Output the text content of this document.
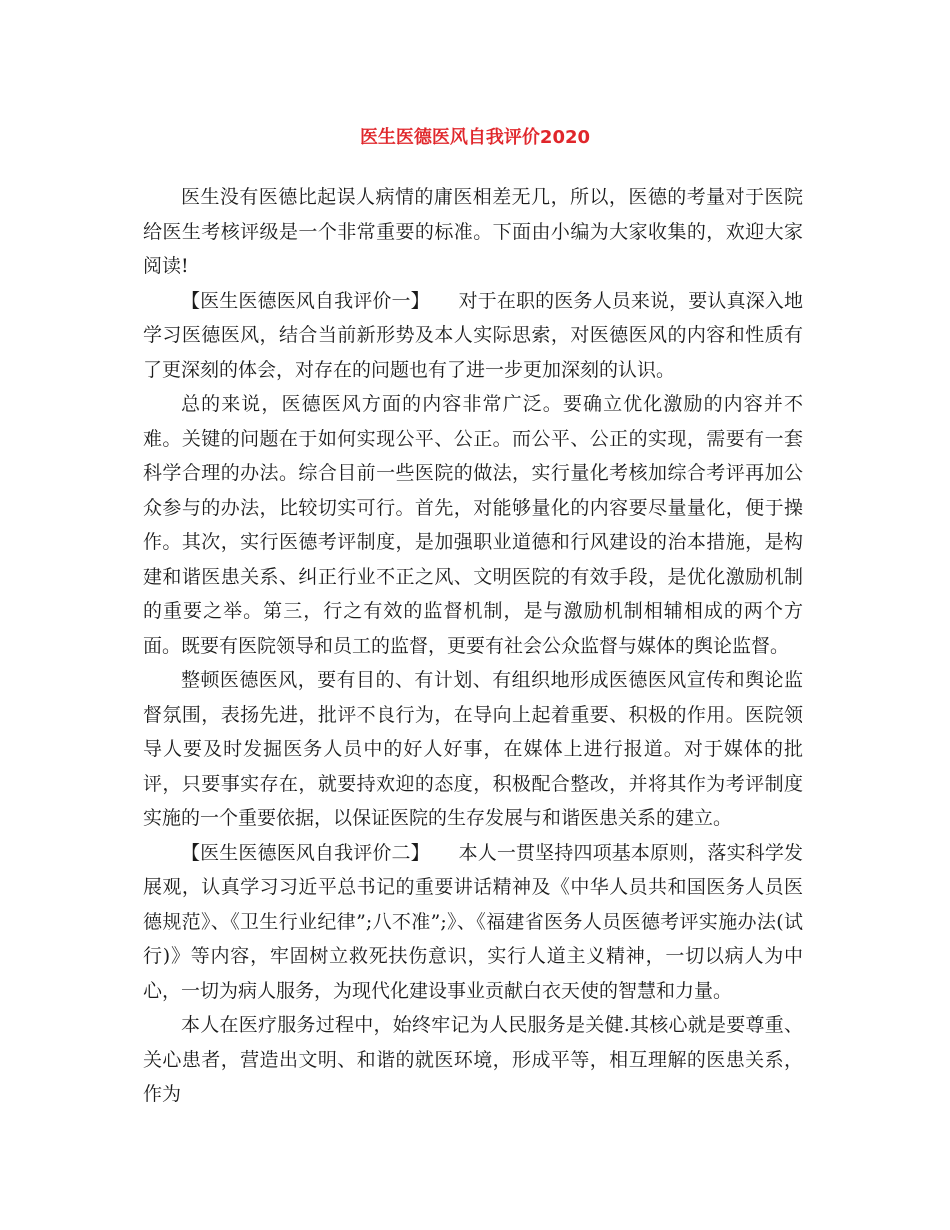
医生医德医风自我评价2020

医生没有医德比起误人病情的庸医相差无几，所以，医德的考量对于医院给医生考核评级是一个非常重要的标准。下面由小编为大家收集的，欢迎大家阅读!

【医生医德医风自我评价一】　　对于在职的医务人员来说，要认真深入地学习医德医风，结合当前新形势及本人实际思索，对医德医风的内容和性质有了更深刻的体会，对存在的问题也有了进一步更加深刻的认识。

总的来说，医德医风方面的内容非常广泛。要确立优化激励的内容并不难。关键的问题在于如何实现公平、公正。而公平、公正的实现，需要有一套科学合理的办法。综合目前一些医院的做法，实行量化考核加综合考评再加公众参与的办法，比较切实可行。首先，对能够量化的内容要尽量量化，便于操作。其次，实行医德考评制度，是加强职业道德和行风建设的治本措施，是构建和谐医患关系、纠正行业不正之风、文明医院的有效手段，是优化激励机制的重要之举。第三，行之有效的监督机制，是与激励机制相辅相成的两个方面。既要有医院领导和员工的监督，更要有社会公众监督与媒体的舆论监督。

整顿医德医风，要有目的、有计划、有组织地形成医德医风宣传和舆论监督氛围，表扬先进，批评不良行为，在导向上起着重要、积极的作用。医院领导人要及时发掘医务人员中的好人好事，在媒体上进行报道。对于媒体的批评，只要事实存在，就要持欢迎的态度，积极配合整改，并将其作为考评制度实施的一个重要依据，以保证医院的生存发展与和谐医患关系的建立。

【医生医德医风自我评价二】　　本人一贯坚持四项基本原则，落实科学发展观，认真学习习近平总书记的重要讲话精神及《中华人员共和国医务人员医德规范》、《卫生行业纪律”;八不准”;》、《福建省医务人员医德考评实施办法(试行)》等内容，牢固树立救死扶伤意识，实行人道主义精神，一切以病人为中心，一切为病人服务，为现代化建设事业贡献白衣天使的智慧和力量。

本人在医疗服务过程中，始终牢记为人民服务是关健.其核心就是要尊重、关心患者，营造出文明、和谐的就医环境，形成平等，相互理解的医患关系，作为
